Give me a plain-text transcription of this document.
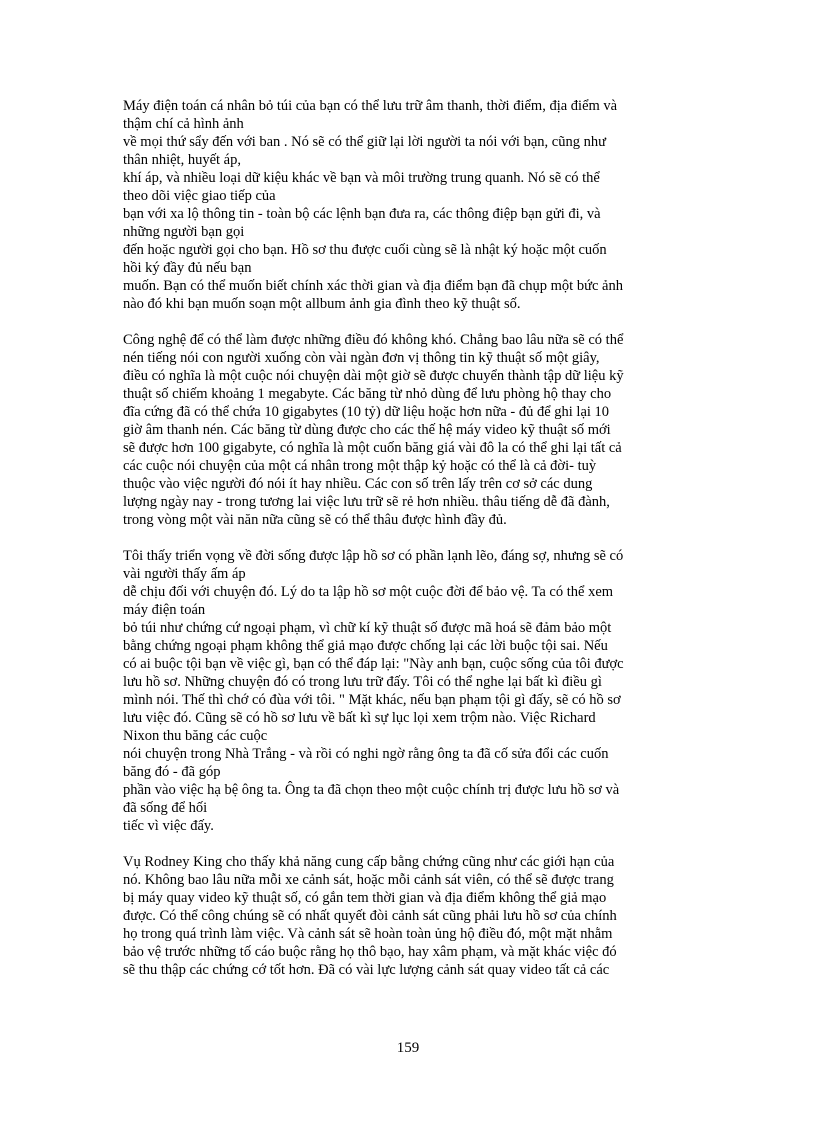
Máy điện toán cá nhân bỏ túi của bạn có thể lưu trữ âm thanh, thời điểm, địa điểm và
thậm chí cả hình ảnh
về mọi thứ sẩy đến với ban . Nó sẽ có thể giữ lại lời người ta nói với bạn, cũng như
thân nhiệt, huyết áp,
khí áp, và nhiều loại dữ kiệu khác về bạn và môi trường trung quanh. Nó sẽ có thể
theo dõi việc giao tiếp của
bạn với xa lộ thông tin - toàn bộ các lệnh bạn đưa ra, các thông điệp bạn gửi đi, và
những người bạn gọi
đến hoặc người gọi cho bạn. Hồ sơ thu được cuối cùng sẽ là nhật ký hoặc một cuốn
hồi ký đầy đủ nếu bạn
muốn. Bạn có thể muốn biết chính xác thời gian và địa điểm bạn đã chụp một bức ảnh
nào đó khi bạn muốn soạn một allbum ảnh gia đình theo kỹ thuật số.
Công nghệ để có thể làm được những điều đó không khó. Chẳng bao lâu nữa sẽ có thể
nén tiếng nói con người xuống còn vài ngàn đơn vị thông tin kỹ thuật số một giây,
điều có nghĩa là một cuộc nói chuyện dài một giờ sẽ được chuyển thành tập dữ liệu kỹ
thuật số chiếm khoảng 1 megabyte. Các băng từ nhỏ dùng để lưu phòng hộ thay cho
đĩa cứng đã có thể chứa 10 gigabytes (10 tỷ) dữ liệu hoặc hơn nữa - đủ để ghi lại 10
giờ âm thanh nén. Các băng từ dùng được cho các thế hệ máy video kỹ thuật số mới
sẽ được hơn 100 gigabyte, có nghĩa là một cuốn băng giá vài đô la có thể ghi lại tất cả
các cuộc nói chuyện của một cá nhân trong một thập kỷ hoặc có thể là cả đời- tuỳ
thuộc vào việc người đó nói ít hay nhiều. Các con số trên lấy trên cơ sở các dung
lượng ngày nay - trong tương lai việc lưu trữ sẽ rẻ hơn nhiều. thâu tiếng dễ đã đành,
trong vòng một vài năn nữa cũng sẽ có thể thâu được hình đầy đủ.
Tôi thấy triển vọng về đời sống được lập hồ sơ có phần lạnh lẽo, đáng sợ, nhưng sẽ có
vài người thấy ấm áp
dễ chịu đối với chuyện đó. Lý do ta lập hồ sơ một cuộc đời để bảo vệ. Ta có thể xem
máy điện toán
bỏ túi như chứng cứ ngoại phạm, vì chữ kí kỹ thuật số được mã hoá sẽ đảm bảo một
bằng chứng ngoại phạm không thể giả mạo được chống lại các lời buộc tội sai. Nếu
có ai buộc tội bạn về việc gì, bạn có thể đáp lại: "Này anh bạn, cuộc sống của tôi được
lưu hồ sơ. Những chuyện đó có trong lưu trữ đấy. Tôi có thể nghe lại bất kì điều gì
mình nói. Thế thì chớ có đùa với tôi. " Mặt khác, nếu bạn phạm tội gì đấy, sẽ có hồ sơ
lưu việc đó. Cũng sẽ có hồ sơ lưu về bất kì sự lục lọi xem trộm nào. Việc Richard
Nixon thu băng các cuộc
nói chuyện trong Nhà Trắng - và rồi có nghi ngờ rằng ông ta đã cố sửa đổi các cuốn
băng đó - đã góp
phần vào việc hạ bệ ông ta. Ông ta đã chọn theo một cuộc chính trị được lưu hồ sơ và
đã sống để hối
tiếc vì việc đấy.
Vụ Rodney King cho thấy khả năng cung cấp bằng chứng cũng như các giới hạn của
nó. Không bao lâu nữa mỗi xe cảnh sát, hoặc mỗi cảnh sát viên, có thể sẽ được trang
bị máy quay video kỹ thuật số, có gắn tem thời gian và địa điểm không thể giả mạo
được. Có thể công chúng sẽ có nhất quyết đòi cảnh sát cũng phải lưu hồ sơ của chính
họ trong quá trình làm việc. Và cảnh sát sẽ hoàn toàn ủng hộ điều đó, một mặt nhằm
bảo vệ trước những tố cáo buộc rằng họ thô bạo, hay xâm phạm, và mặt khác việc đó
sẽ thu thập các chứng cớ tốt hơn. Đã có vài lực lượng cảnh sát quay video tất cả các
159
